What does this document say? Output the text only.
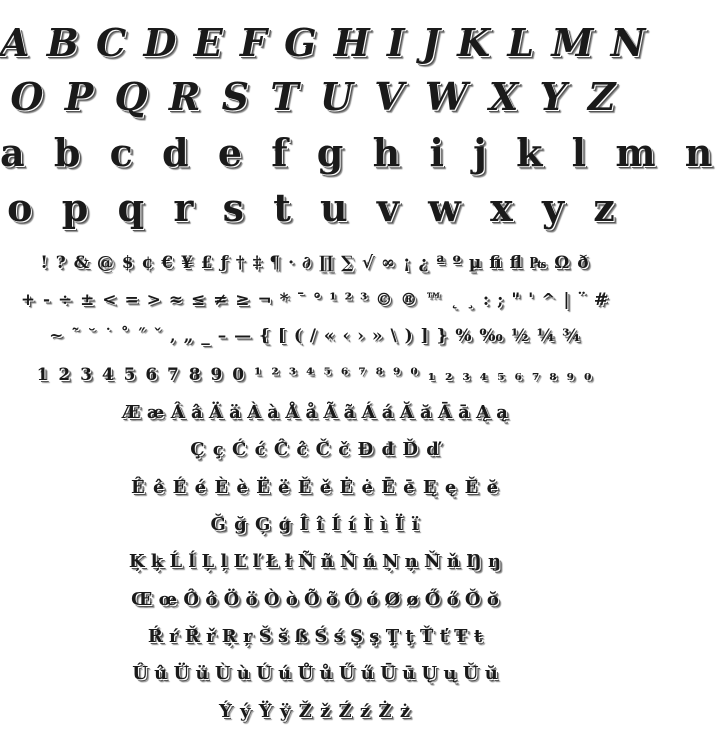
A B C D E F G H I J K L M N
O P Q R S T U V W X Y Z
a b c d e f g h i j k l m n
o p q r s t u v w x y z
! ? & @ $ ¢ € ¥ £ ƒ † ‡ ¶ · ∂ ∏ ∑ √ ∞ ¡ ¿ ª º µ ﬁ ﬂ ₧ Ω ð
+ - ÷ ± < = > ≈ ≤ ≠ ≥ ¬ * ¯ ° ¹ ² ³ © ® ™ ˛ ¸ : ; " ' ^ | ¨ #
~ ˜ ˘ ˙ ˚ ˝ ˇ ‚ „ _ – — { [ ( / « ‹ › » \ ) ] } % ‰ ½ ¼ ¾
1 2 3 4 5 6 7 8 9 0 ¹ ² ³ ⁴ ⁵ ⁶ ⁷ ⁸ ⁹ ⁰ ₁ ₂ ₃ ₄ ₅ ₆ ₇ ₈ ₉ ₀
Æ æ Â â Ä ä À à Å å Ã ã Á á Ă ă Ā ā Ą ą
Ç ç Ć ć Ĉ ĉ Č č Ð đ Ď ď
Ê ê É é È è Ë ë Ě ě Ė ė Ē ē Ę ę Ĕ ĕ
Ğ ğ Ģ ģ Î î Í í Ì ì Ï ï
Ķ ķ Ĺ ĺ Ļ ļ Ľ ľ Ł ł Ñ ñ Ń ń Ņ ņ Ň ň Ŋ ŋ
Œ œ Ô ô Ö ö Ò ò Õ õ Ó ó Ø ø Ő ő Ŏ ŏ
Ŕ ŕ Ř ř Ŗ ŗ Š š ß Ś ś Ş ş Ţ ţ Ť ť Ŧ ŧ
Û û Ü ü Ù ù Ú ú Ů ů Ű ű Ū ū Ų ų Ŭ ŭ
Ý ý Ÿ ÿ Ž ž Ź ź Ż ż
